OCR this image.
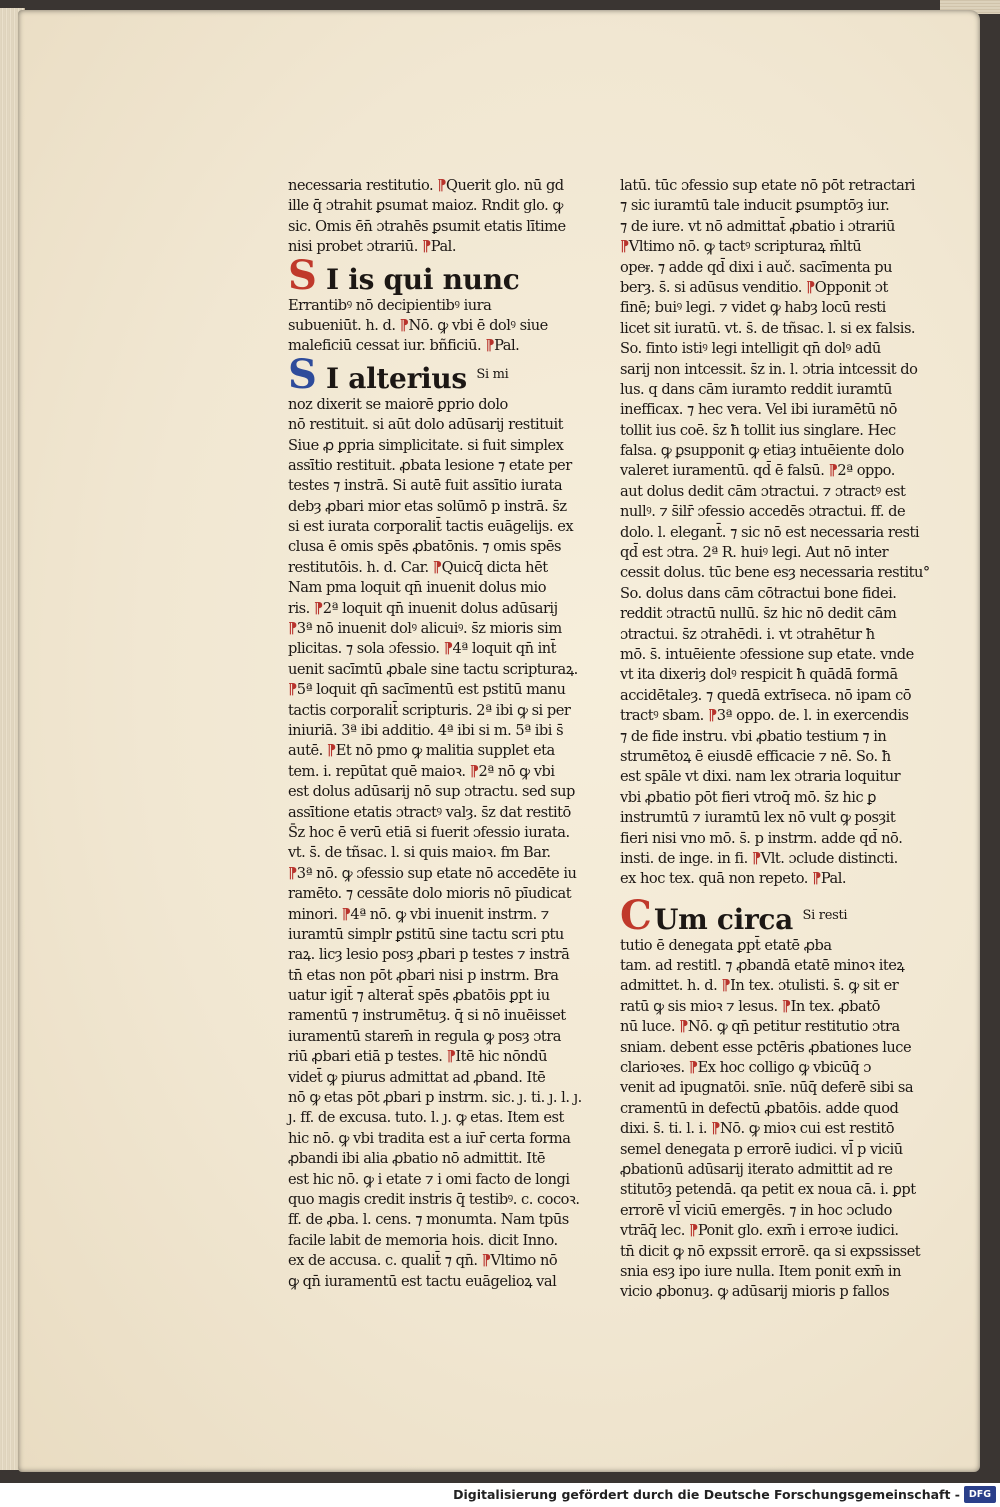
necessaria restitutio. ⁋Querit glo. nū gd
ille q̄ ɔtrahit ꝑsumat maioz. Rndit glo. ꝙ
sic. Omis ēn̄ ɔtrahēs ꝑsumit etatis lītime
nisi probet ɔtrariū. ⁋Pal.
S I is qui nunc
Errantibꝰ nō decipientibꝰ iura
subueniūt. h. d. ⁋Nō. ꝙ vbi ē dolꝰ siue
maleficiū cessat iur. bñficiū. ⁋Pal.
S I alterius $^{Si mi}$
noz dixerit se maiorē ꝑprio dolo
nō restituit. si aūt dolo adūsarij restituit
Siue ꝓ ꝑpria simplicitate. si fuit simplex
assītio restituit. ꝓbata lesione ⁊ etate per
testes ⁊ instrā. Si autē fuit assītio iurata
debȝ ꝓbari mior etas solūmō p instrā. s̄z
si est iurata corporalit̄ tactis euāgelijs. ex
clusa ē omis spēs ꝓbatōnis. ⁊ omis spēs
restitutōis. h. d. Car. ⁋Quicq̄ dicta hēt
Nam pma loquit qn̄ inuenit dolus mio
ris. ⁋2ª loquit qn̄ inuenit dolus adūsarij
⁋3ª nō inuenit dolꝰ alicuiꝰ. s̄z mioris sim
plicitas. ⁊ sola ɔfessio. ⁋4ª loquit qn̄ int̄
uenit sacīmtū ꝓbale sine tactu scripturaꝝ.
⁋5ª loquit qn̄ sacīmentū est pstitū manu
tactis corporalit̄ scripturis. 2ª ibi ꝙ si per
iniuriā. 3ª ibi additio. 4ª ibi si m. 5ª ibi s̄
autē. ⁋Et nō pmo ꝙ malitia supplet eta
tem. i. repūtat quē maioꝛ. ⁋2ª nō ꝙ vbi
est dolus adūsarij nō sup ɔtractu. sed sup
assītione etatis ɔtractꝰ valȝ. s̄z dat restitō
S̄z hoc ē verū etiā si fuerit ɔfessio iurata.
vt. s̄. de tñsac. l. si quis maioꝛ. fm Bar.
⁋3ª nō. ꝙ ɔfessio sup etate nō accedēte iu
ramēto. ⁊ cessāte dolo mioris nō pīudicat
minori. ⁋4ª nō. ꝙ vbi inuenit instrm. ⁊
iuramtū simplr ꝑstitū sine tactu scri ptu
raꝝ. licȝ lesio posȝ ꝓbari p testes ⁊ instrā
tn̄ etas non pōt ꝓbari nisi p instrm. Bra
uatur igit̄ ⁊ alterat̄ spēs ꝓbatōis ꝑpt iu
ramentū ⁊ instrumētuȝ. q̄ si nō inuēisset
iuramentū starem̄ in regula ꝙ posȝ ɔtra
riū ꝓbari etiā p testes. ⁋Itē hic nōndū
videt̄ ꝙ piurus admittat ad ꝓband. Itē
nō ꝙ etas pōt ꝓbari p instrm. sic. ȷ. ti. ȷ. l. ȷ.
ȷ. ff. de excusa. tuto. l. ȷ. ꝙ etas. Item est
hic nō. ꝙ vbi tradita est a iur̄ certa forma
ꝓbandi ibi alia ꝓbatio nō admittit. Itē
est hic nō. ꝙ i etate ⁊ i omi facto de longi
quo magis credit instris q̄ testibꝰ. c. cocoꝛ.
ff. de ꝓba. l. cens. ⁊ monumta. Nam tpūs
facile labit de memoria hois. dicit Inno.
ex de accusa. c. qualit̄ ⁊ qn̄. ⁋Vltimo nō
ꝙ qn̄ iuramentū est tactu euāgelioꝝ val
latū. tūc ɔfessio sup etate nō pōt retractari
⁊ sic iuramtū tale inducit ꝑsumptōȝ iur.
⁊ de iure. vt nō admittat̄ ꝓbatio i ɔtrariū
⁋Vltimo nō. ꝙ tactꝰ scripturaꝝ m̄ltū
opeᵲ. ⁊ adde qd̄ dixi i auč. sacīmenta pu
berȝ. s̄. si adūsus venditio. ⁋Opponit ɔt
finē; buiꝰ legi. ⁊ videt ꝙ habȝ locū resti
licet sit iuratū. vt. s̄. de tñsac. l. si ex falsis.
So. finto istiꝰ legi intelligit qn̄ dolꝰ adū
sarij non intcessit. s̄z in. l. ɔtria intcessit do
lus. q dans cām iuramto reddit iuramtū
inefficax. ⁊ hec vera. Vel ibi iuramētū nō
tollit ius coē. s̄z ħ tollit ius singlare. Hec
falsa. ꝙ ꝑsupponit ꝙ etiaȝ intuēiente dolo
valeret iuramentū. qd̄ ē falsū. ⁋2ª oppo.
aut dolus dedit cām ɔtractui. ⁊ ɔtractꝰ est
nullꝰ. ⁊ s̄ilr̄ ɔfessio accedēs ɔtractui. ff. de
dolo. l. elegant̄. ⁊ sic nō est necessaria resti
qd̄ est ɔtra. 2ª R. huiꝰ legi. Aut nō inter
cessit dolus. tūc bene esȝ necessaria restitu°
So. dolus dans cām cōtractui bone fidei.
reddit ɔtractū nullū. s̄z hic nō dedit cām
ɔtractui. s̄z ɔtrahēdi. i. vt ɔtrahētur ħ
mō. s̄. intuēiente ɔfessione sup etate. vnde
vt ita dixeriȝ dolꝰ respicit ħ quādā formā
accidētaleȝ. ⁊ quedā extrīseca. nō ipam cō
tractꝰ sbam. ⁋3ª oppo. de. l. in exercendis
⁊ de fide instru. vbi ꝓbatio testium ⁊ in
strumētoꝝ ē eiusdē efficacie ⁊ nē. So. ħ
est spāle vt dixi. nam lex ɔtraria loquitur
vbi ꝓbatio pōt fieri vtroq̄ mō. s̄z hic ꝑ
instrumtū ⁊ iuramtū lex nō vult ꝙ posȝit
fieri nisi vno mō. s̄. p instrm. adde qd̄ nō.
insti. de inge. in fi. ⁋Vlt. ɔclude distincti.
ex hoc tex. quā non repeto. ⁋Pal.
CUm circa $^{Si resti}$
tutio ē denegata ꝑpt̄ etatē ꝓba
tam. ad restitl. ⁊ ꝓbandā etatē minoꝛ iteꝝ
admittet. h. d. ⁋In tex. ɔtulisti. s̄. ꝙ sit er
ratū ꝙ sis mioꝛ ⁊ lesus. ⁋In tex. ꝓbatō
nū luce. ⁋Nō. ꝙ qn̄ petitur restitutio ɔtra
sniam. debent esse pctēris ꝓbationes luce
clarioꝛes. ⁋Ex hoc colligo ꝙ vbicūq̄ ɔ
venit ad ipugnatōi. snīe. nūq̄ deferē sibi sa
cramentū in defectū ꝓbatōis. adde quod
dixi. s̄. ti. l. i. ⁋Nō. ꝙ mioꝛ cui est restitō
semel denegata p errorē iudici. vl̄ p viciū
ꝓbationū adūsarij iterato admittit ad re
stitutōȝ petendā. qa petit ex noua cā. i. ꝑpt
errorē vl̄ viciū emergēs. ⁊ in hoc ɔcludo
vtrāq̄ lec. ⁋Ponit glo. exm̄ i erroꝛe iudici.
tn̄ dicit ꝙ nō expssit errorē. qa si expssisset
snia esȝ ipo iure nulla. Item ponit exm̄ in
vicio ꝓbonuȝ. ꝙ adūsarij mioris p fallos
Digitalisierung gefördert durch die Deutsche Forschungsgemeinschaft - DFG
